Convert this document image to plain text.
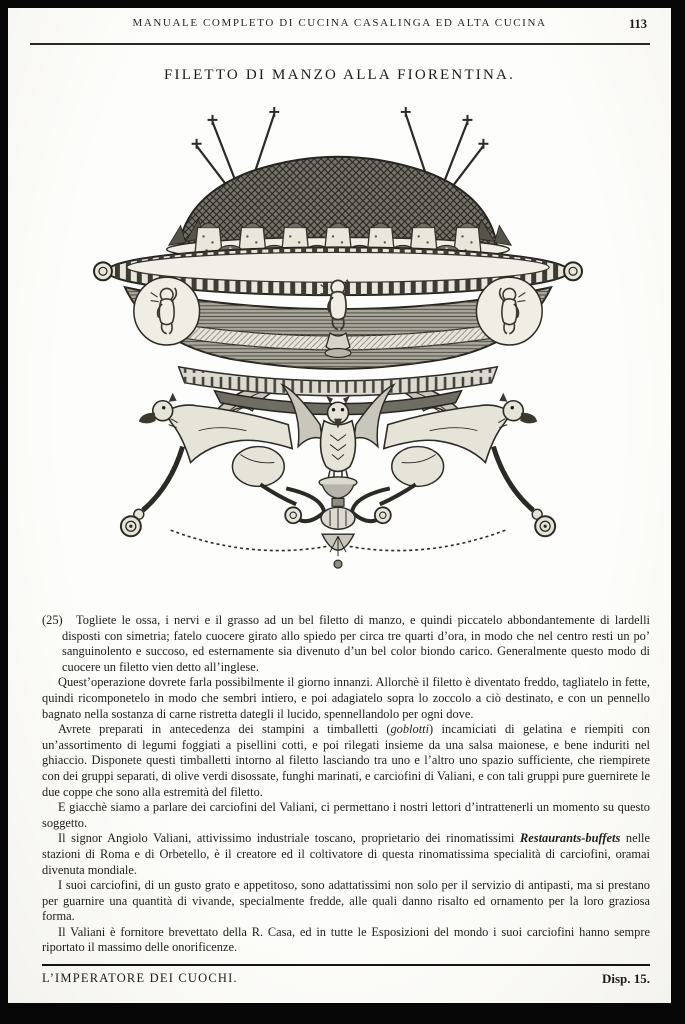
MANUALE COMPLETO DI CUCINA CASALINGA ED ALTA CUCINA	113
FILETTO DI MANZO ALLA FIORENTINA.

(25) Togliete le ossa, i nervi e il grasso ad un bel filetto di manzo, e quindi piccatelo abbondantemente di lardelli disposti con simetria; fatelo cuocere girato allo spiedo per circa tre quarti d’ora, in modo che nel centro resti un po’ sanguinolento e succoso, ed esternamente sia divenuto d’un bel color biondo carico. Generalmente questo modo di cuocere un filetto vien detto all’inglese.

Quest’operazione dovrete farla possibilmente il giorno innanzi. Allorchè il filetto è diventato freddo, tagliatelo in fette, quindi ricomponetelo in modo che sembri intiero, e poi adagiatelo sopra lo zoccolo a ciò destinato, e con un pennello bagnato nella sostanza di carne ristretta dategli il lucido, spennellandolo per ogni dove.

Avrete preparati in antecedenza dei stampini a timballetti (goblotti) incamiciati di gelatina e riempiti con un’assortimento di legumi foggiati a pisellini cotti, e poi rilegati insieme da una salsa maionese, e bene induriti nel ghiaccio. Disponete questi timballetti intorno al filetto lasciando tra uno e l’altro uno spazio sufficiente, che riempirete con dei gruppi separati, di olive verdi disossate, funghi marinati, e carciofini di Valiani, e con tali gruppi pure guernirete le due coppe che sono alla estremità del filetto.

E giacchè siamo a parlare dei carciofini del Valiani, ci permettano i nostri lettori d’intrattenerli un momento su questo soggetto.

Il signor Angiolo Valiani, attivissimo industriale toscano, proprietario dei rinomatissimi Restaurants-buffets nelle stazioni di Roma e di Orbetello, è il creatore ed il coltivatore di questa rinomatissima specialità di carciofini, oramai divenuta mondiale.

I suoi carciofini, di un gusto grato e appetitoso, sono adattatissimi non solo per il servizio di antipasti, ma si prestano per guarnire una quantità di vivande, specialmente fredde, alle quali danno risalto ed ornamento per la loro graziosa forma.

Il Valiani è fornitore brevettato della R. Casa, ed in tutte le Esposizioni del mondo i suoi carciofini hanno sempre riportato il massimo delle onorificenze.

L’IMPERATORE DEI CUOCHI.	Disp. 15.
